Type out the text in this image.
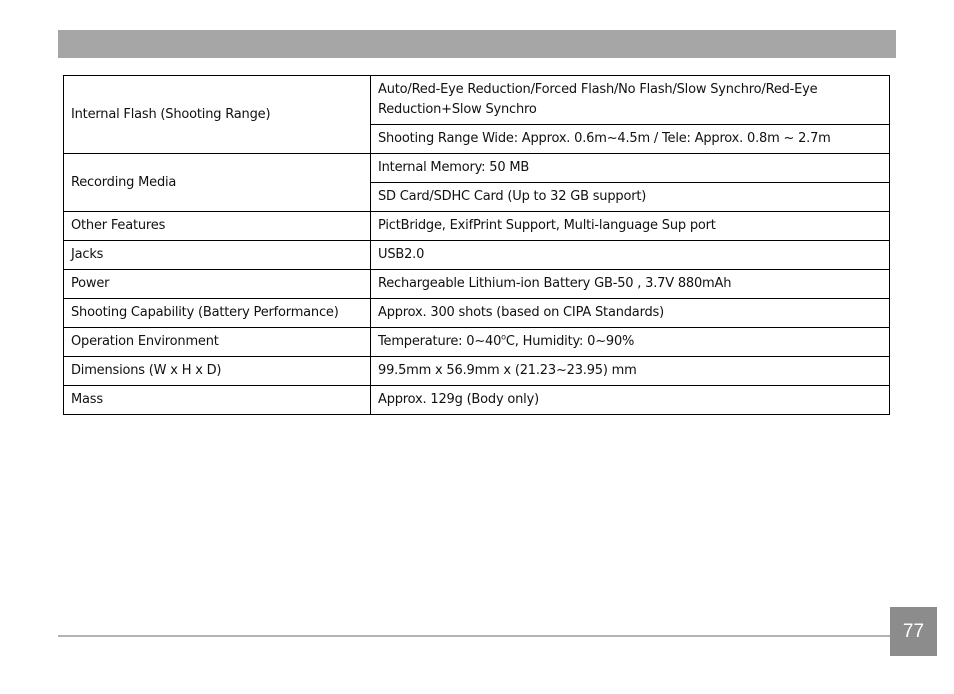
Internal Flash (Shooting Range)	Auto/Red-Eye Reduction/Forced Flash/No Flash/Slow Synchro/Red-Eye Reduction+Slow Synchro
	Shooting Range Wide: Approx. 0.6m~4.5m / Tele: Approx. 0.8m ~ 2.7m
Recording Media	Internal Memory: 50 MB
	SD Card/SDHC Card (Up to 32 GB support)
Other Features	PictBridge, ExifPrint Support, Multi-language Sup port
Jacks	USB2.0
Power	Rechargeable Lithium-ion Battery GB-50 , 3.7V 880mAh
Shooting Capability (Battery Performance)	Approx. 300 shots (based on CIPA Standards)
Operation Environment	Temperature: 0~40$^o$C, Humidity: 0~90%
Dimensions (W x H x D)	99.5mm x 56.9mm x (21.23~23.95) mm
Mass	Approx. 129g (Body only)
77
